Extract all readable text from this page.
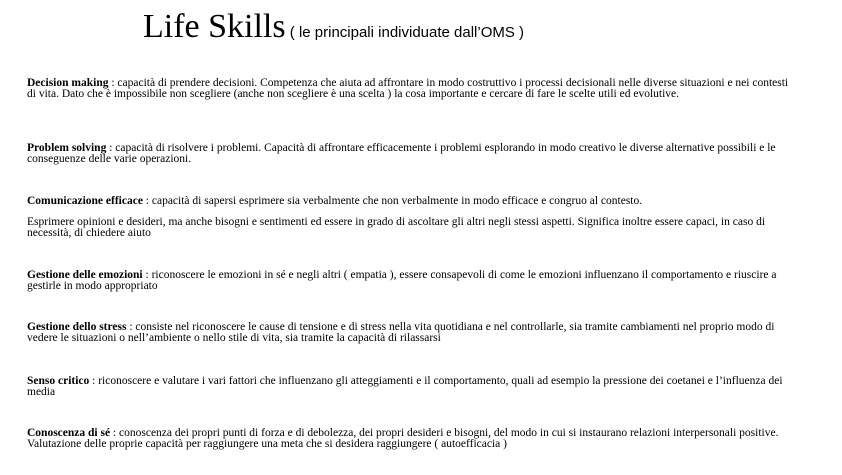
Life Skills ( le principali individuate dall’OMS )
Decision making : capacità di prendere decisioni. Competenza che aiuta ad affrontare in modo costruttivo i processi decisionali nelle diverse situazioni e nei contesti di vita. Dato che è impossibile non scegliere (anche non scegliere è una scelta ) la cosa importante e cercare di fare le scelte utili ed evolutive.
Problem solving : capacità di risolvere i problemi. Capacità di affrontare efficacemente i problemi esplorando in modo creativo le diverse alternative possibili e le conseguenze delle varie operazioni.
Comunicazione efficace : capacità di sapersi esprimere sia verbalmente che non verbalmente in modo efficace e congruo al contesto.
Esprimere opinioni e desideri, ma anche bisogni e sentimenti ed essere in grado di ascoltare gli altri negli stessi aspetti. Significa inoltre essere capaci, in caso di necessità, di chiedere aiuto
Gestione delle emozioni : riconoscere le emozioni in sé e negli altri ( empatia ), essere consapevoli di come le emozioni influenzano il comportamento e riuscire a gestirle in modo appropriato
Gestione dello stress : consiste nel riconoscere le cause di tensione e di stress nella vita quotidiana e nel controllarle, sia tramite cambiamenti nel proprio modo di vedere le situazioni o nell’ambiente o nello stile di vita, sia tramite la capacità di rilassarsi
Senso critico : riconoscere e valutare i vari fattori che influenzano gli atteggiamenti e il comportamento, quali ad esempio la pressione dei coetanei e l’influenza dei media
Conoscenza di sé : conoscenza dei propri punti di forza e di debolezza, dei propri desideri e bisogni, del modo in cui si instaurano relazioni interpersonali positive. Valutazione delle proprie capacità per raggiungere una meta che si desidera raggiungere ( autoefficacia )
